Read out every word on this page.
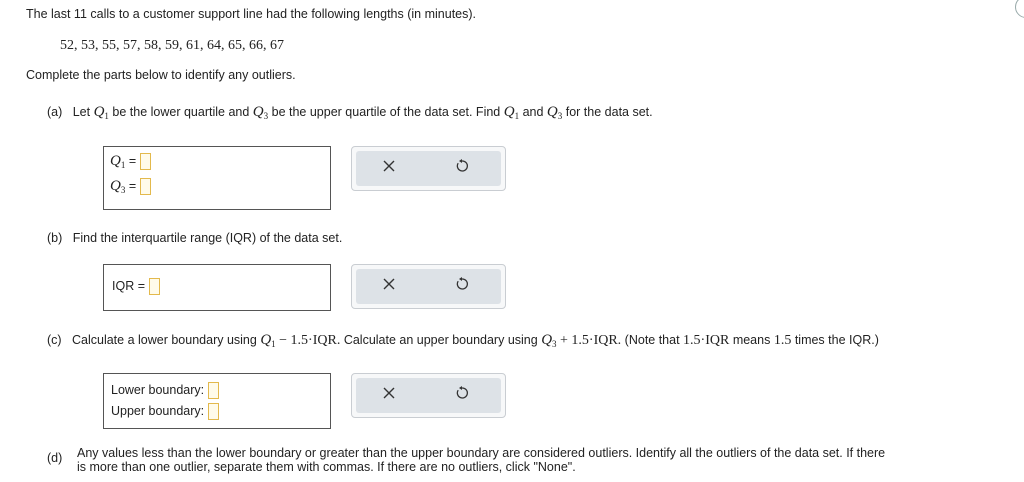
The last 11 calls to a customer support line had the following lengths (in minutes).
52, 53, 55, 57, 58, 59, 61, 64, 65, 66, 67
Complete the parts below to identify any outliers.
(a) Let $Q_1$ be the lower quartile and $Q_3$ be the upper quartile of the data set. Find $Q_1$ and $Q_3$ for the data set.
$Q_1$ =
$Q_3$ =
(b) Find the interquartile range (IQR) of the data set.
IQR =
(c) Calculate a lower boundary using $Q_1 - 1.5\cdot IQR$. Calculate an upper boundary using $Q_3 + 1.5\cdot IQR$. (Note that 1.5·IQR means 1.5 times the IQR.)
Lower boundary:
Upper boundary:
(d) Any values less than the lower boundary or greater than the upper boundary are considered outliers. Identify all the outliers of the data set. If there
is more than one outlier, separate them with commas. If there are no outliers, click "None".
